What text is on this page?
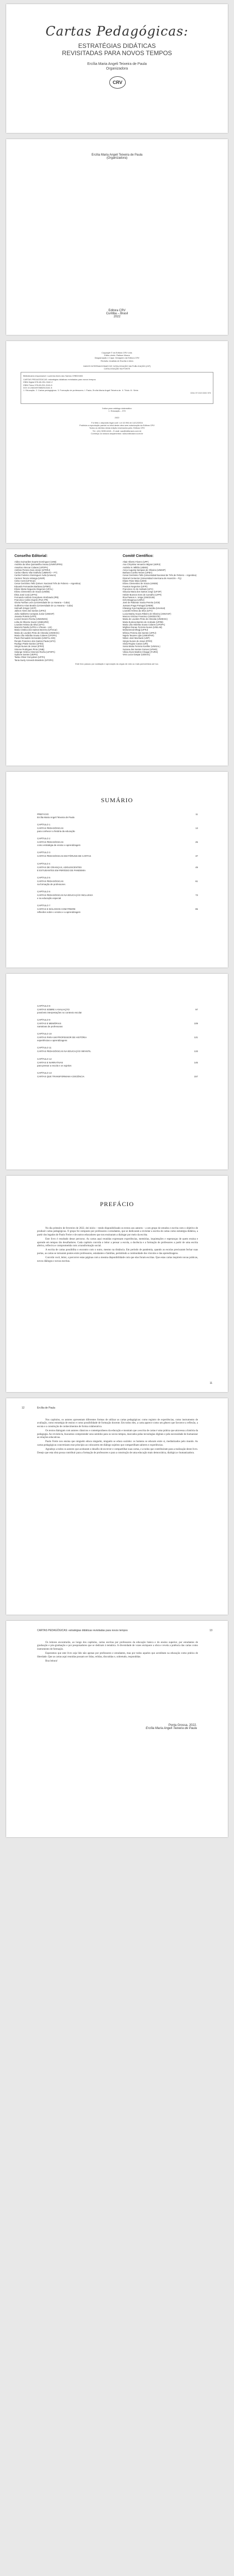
Cartas Pedagógicas:
ESTRATÉGIAS DIDÁTICAS
REVISITADAS PARA NOVOS TEMPOS
Ercília Maria Angeli Teixeira de Paula
Organizadora
CRV
Ercília Maria Angeli Teixeira de Paula
(Organizadora)
Editora CRV
Curitiba – Brasil
2022
Copyright © da Editora CRV Ltda.
Editor-chefe: Railson Moura
Diagramação e Capa: Designers da Editora CRV
Revisão: Analista de Escrita e Artes
DADOS INTERNACIONAIS DE CATALOGAÇÃO NA PUBLICAÇÃO (CIP)
CATALOGAÇÃO NA FONTE
Bibliotecária responsável: Luzenira Alves dos Santos CRB9/1506
CARTAS PEDAGÓGICAS: estratégias didáticas revisitadas para novos tempos
ISBN Digital 978-65-251-3162-2
ISBN Físico 978-65-251-3161-5
DOI 10.24824/978652513161.5
1. Educação. 2. Cartas pedagógicas. 3. Formação de professores. I. Paula, Ercília Maria Angeli Teixeira de. II. Título. III. Série.
CDU 37.013 CDD 370
Índice para catálogo sistemático
1. Educação – 370
2022
Foi feito o depósito legal conf. Lei 10.994 de 14/12/2004
Proibida a reprodução parcial ou total desta obra sem autorização da Editora CRV
Todos os direitos desta edição reservados pela: Editora CRV
Tel.: (41) 3039-6418 – E-mail: sac@editoracrv.com.br
Conheça os nossos lançamentos: www.editoracrv.com.br
Conselho Editorial:	Comitê Científico:
Aldira Guimarães Duarte Domínguez (UNB)
Andréia da Silva Quintanilha Sousa (UNIR/UFRN)
Anselmo Alencar Colares (UFOPA)
Antônio Pereira Gaio Júnior (UFRRJ)
Carlos Alberto Vilar Estêvão (UMINHO – PT)
Carlos Federico Dominguez Avila (Unieuro)
Carmen Tereza Velanga (UNIR)
Celso Conti (UFSCar)
Cesar Gerónimo Tello (Univer. Nacional Três de Febrero – Argentina)
Eduardo Fernandes Barbosa (UFMG)
Elione Maria Nogueira Diogenes (UFAL)
Elizeu Clementino de Souza (UNEB)
Élsio José Corá (UFFS)
Fernando Antônio Gonçalves Alcoforado (IPB)
Francisco Carlos Duarte (PUC-PR)
Gloria Fariñas León (Universidade de La Havana – Cuba)
Guillermo Arias Beatón (Universidade de La Havana – Cuba)
Helmuth Krüger (UCP)
Jailson Alves dos Santos (UFRJ)
João Adalberto Campato Junior (UNESP)
Josania Portela (UFPI)
Leonel Severo Rocha (UNISINOS)
Lídia de Oliveira Xavier (UNIEURO)
Lourdes Helena da Silva (UFV)
Marcelo Paixão (UFRJ e UTexas – US)
Maria Cristina dos Santos Bezerra (UFSCar)
Maria de Lourdes Pinto de Almeida (UNOESC)
Maria Lília Imbiriba Sousa Colares (UFOPA)
Paulo Romualdo Hernandes (UNIFAL-MG)
Renato Francisco dos Santos Paula (UFG)
Rodrigo Pratte-Santos (UFES)
Sérgio Nunes de Jesus (IFRO)
Simone Rodrigues Pinto (UNB)
Solange Helena Ximenes-Rocha (UFOPA)
Sydione Santos (UEPG)
Tadeu Oliver Gonçalves (UFPA)
Tania Suely Azevedo Brasileiro (UFOPA)
Altair Alberto Fávero (UPF)
Ana Chrystina Venancio Mignot (UERJ)
Andréia N. Militão (UEMS)
Anna Augusta Sampaio de Oliveira (UNESP)
Barbara Coelho Neves (UFBA)
Cesar Gerónimo Tello (Universidad Nacional de Três de Febrero – Argentina)
Diosnel Centurion (Universidad Americana de Asunción – Py)
Eliane Rose Maio (UEM)
Elizeu Clementino de Souza (UNEB)
Fauston Negreiros (UFPI)
Francisco Ari de Andrade (UFC)
Gláucia Maria dos Santos Jorge (UFOP)
Helder Buenos Aires de Carvalho (UFPI)
Ilma Passos A. Veiga (UNICEUB)
Inês Bragança (UERJ)
José de Ribamar Sousa Pereira (UCB)
Jussara Fraga Portugal (UNEB)
Kilwangy Kya Kapitango-a-Samba (Unemat)
Lourdes Helena da Silva (UFV)
Lucia Marisy Souza Ribeiro de Oliveira (UNIVASF)
Marcos Vinicius Francisco (UNOESTE)
Maria de Lourdes Pinto de Almeida (UNOESC)
Maria Eurácia Barreto de Andrade (UFRB)
Maria Lília Imbiriba Sousa Colares (UFOPA)
Míghian Danae Ferreira Nunes (UNILAB)
Mohammed Elhajji (UFRJ)
Mônica Pereira dos Santos (UFRJ)
Najela Tavares Ujiie (UNESPAR)
Nilson José Machado (USP)
Sérgio Nunes de Jesus (IFRO)
Silvia Regina Canan (URI)
Sonia Maria Ferreira Koehler (UNISAL)
Suzana dos Santos Gomes (UFMG)
Vânia Alves Martins Chaigar (FURG)
Vera Lucia Gaspar (UDESC)
Este livro passou por avaliação e aprovação às cegas de dois ou mais pareceristas ad hoc.
SUMÁRIO
PREFÁCIO
Ercília Maria Angeli Teixeira de Paula
11
CAPÍTULO 1
CARTAS PEDAGÓGICAS
para conhecer a história da educação
13
CAPÍTULO 2
CARTAS PEDAGÓGICAS
como estratégia de ensino e aprendizagem
25
CAPÍTULO 3
CARTAS PEDAGÓGICAS EM FÓRUNS DE CARTAS	37
CAPÍTULO 4
CARTAS DE CRIANÇAS, ADOLESCENTES
E ESTUDANTES EM PERÍODO DE PANDEMIA
49
CAPÍTULO 5
CARTAS PEDAGÓGICAS
na formação de professores
61
CAPÍTULO 6
CARTAS PEDAGÓGICAS NA EDUCAÇÃO INCLUSIVA
e na educação especial
73
CAPÍTULO 7
CARTAS E DIÁLOGOS COM FREIRE
reflexões sobre o ensino e a aprendizagem
85
CAPÍTULO 8
CARTAS SOBRE A AVALIAÇÃO
possíveis interpretações no contexto escolar
97
CAPÍTULO 9
CARTAS E MEMÓRIAS
narrativas de professoras
109
CAPÍTULO 10
CARTAS PARA UM PROFESSOR DE HISTÓRIA
experiências e aprendizagens
121
CAPÍTULO 11
CARTAS PEDAGÓGICAS NA EDUCAÇÃO INFANTIL	133
CAPÍTULO 12
CARTAS E NARRATIVAS
para pensar a escola e os sujeitos
145
CAPÍTULO 13
CARTAS QUE TRANSFORMAM A DOCÊNCIA	157
PREFÁCIO

No dia primeiro de fevereiro de 2022, dei início – tendo disponibilizado os textos aos autores – a um grupo de estudos e escrita com o objetivo de produzir cartas pedagógicas. O grupo foi composto por professores e estudantes, que se dedicaram a revisitar a escrita de cartas como estratégia didática, a partir dos legados de Paulo Freire e de outros educadores que nos ensinaram a dialogar por meio da escrita.

Este livro é resultado desse percurso. As cartas aqui reunidas expressam experiências, memórias, inquietações e esperanças de quem ensina e aprende em tempos tão desafiadores. Cada capítulo convida o leitor a pensar a escola, a docência e a formação de professores a partir de uma escrita afetiva, reflexiva e comprometida com a transformação social.

A escrita de cartas possibilita o encontro com o outro, mesmo na distância. Em período de pandemia, quando as escolas precisaram fechar suas portas, as cartas se tornaram pontes entre professores, estudantes e famílias, permitindo a continuidade dos vínculos e das aprendizagens.

Convido você, leitor, a percorrer estas páginas com a mesma disponibilidade com que elas foram escritas. Que estas cartas inspirem novas práticas, novos diálogos e novas escritas.

11
12	Ercília de Paula

Nos capítulos, os autores apresentam diferentes formas de utilizar as cartas pedagógicas: como registro de experiências, como instrumento de avaliação, como estratégia de ensino e como possibilidade de formação docente. Em todos eles, a carta aparece como um gênero que favorece a reflexão, a escuta e a construção de conhecimentos de forma colaborativa.

Os textos dialogam com autores clássicos e contemporâneos da educação e mostram que a escrita de cartas é uma prática que atravessa a história da pedagogia. Ao revisitá-la, buscamos compreender seus sentidos para os novos tempos, marcados pelas tecnologias digitais e pela necessidade de humanizar as relações educativas.

Paulo Freire nos ensina que ninguém educa ninguém, ninguém se educa sozinho: os homens se educam entre si, mediatizados pelo mundo. As cartas pedagógicas concretizam esse princípio ao colocarem em diálogo sujeitos que compartilham saberes e experiências.

Agradeço a todos os autores que aceitaram o desafio de escrever e compartilhar suas cartas, e a todos que contribuíram para a realização deste livro. Desejo que esta obra possa contribuir para a formação de professores e para a construção de uma educação mais democrática, dialógica e humanizadora.

13
CARTAS PEDAGÓGICAS: estratégias didáticas revisitadas para novos tempos

Os leitores encontrarão, ao longo dos capítulos, cartas escritas por professores da educação básica e do ensino superior, por estudantes de graduação e pós-graduação e por pesquisadores que se dedicam à temática. A diversidade de vozes enriquece a obra e revela a potência das cartas como instrumento de formação.

Esperamos que este livro seja lido não apenas por professores e estudantes, mas por todos aqueles que acreditam na educação como prática de liberdade. Que as cartas aqui reunidas possam ser lidas, relidas, discutidas e, sobretudo, respondidas.

Boa leitura!

Ponta Grossa, 2022.
Ercília Maria Angeli Teixeira de Paula
